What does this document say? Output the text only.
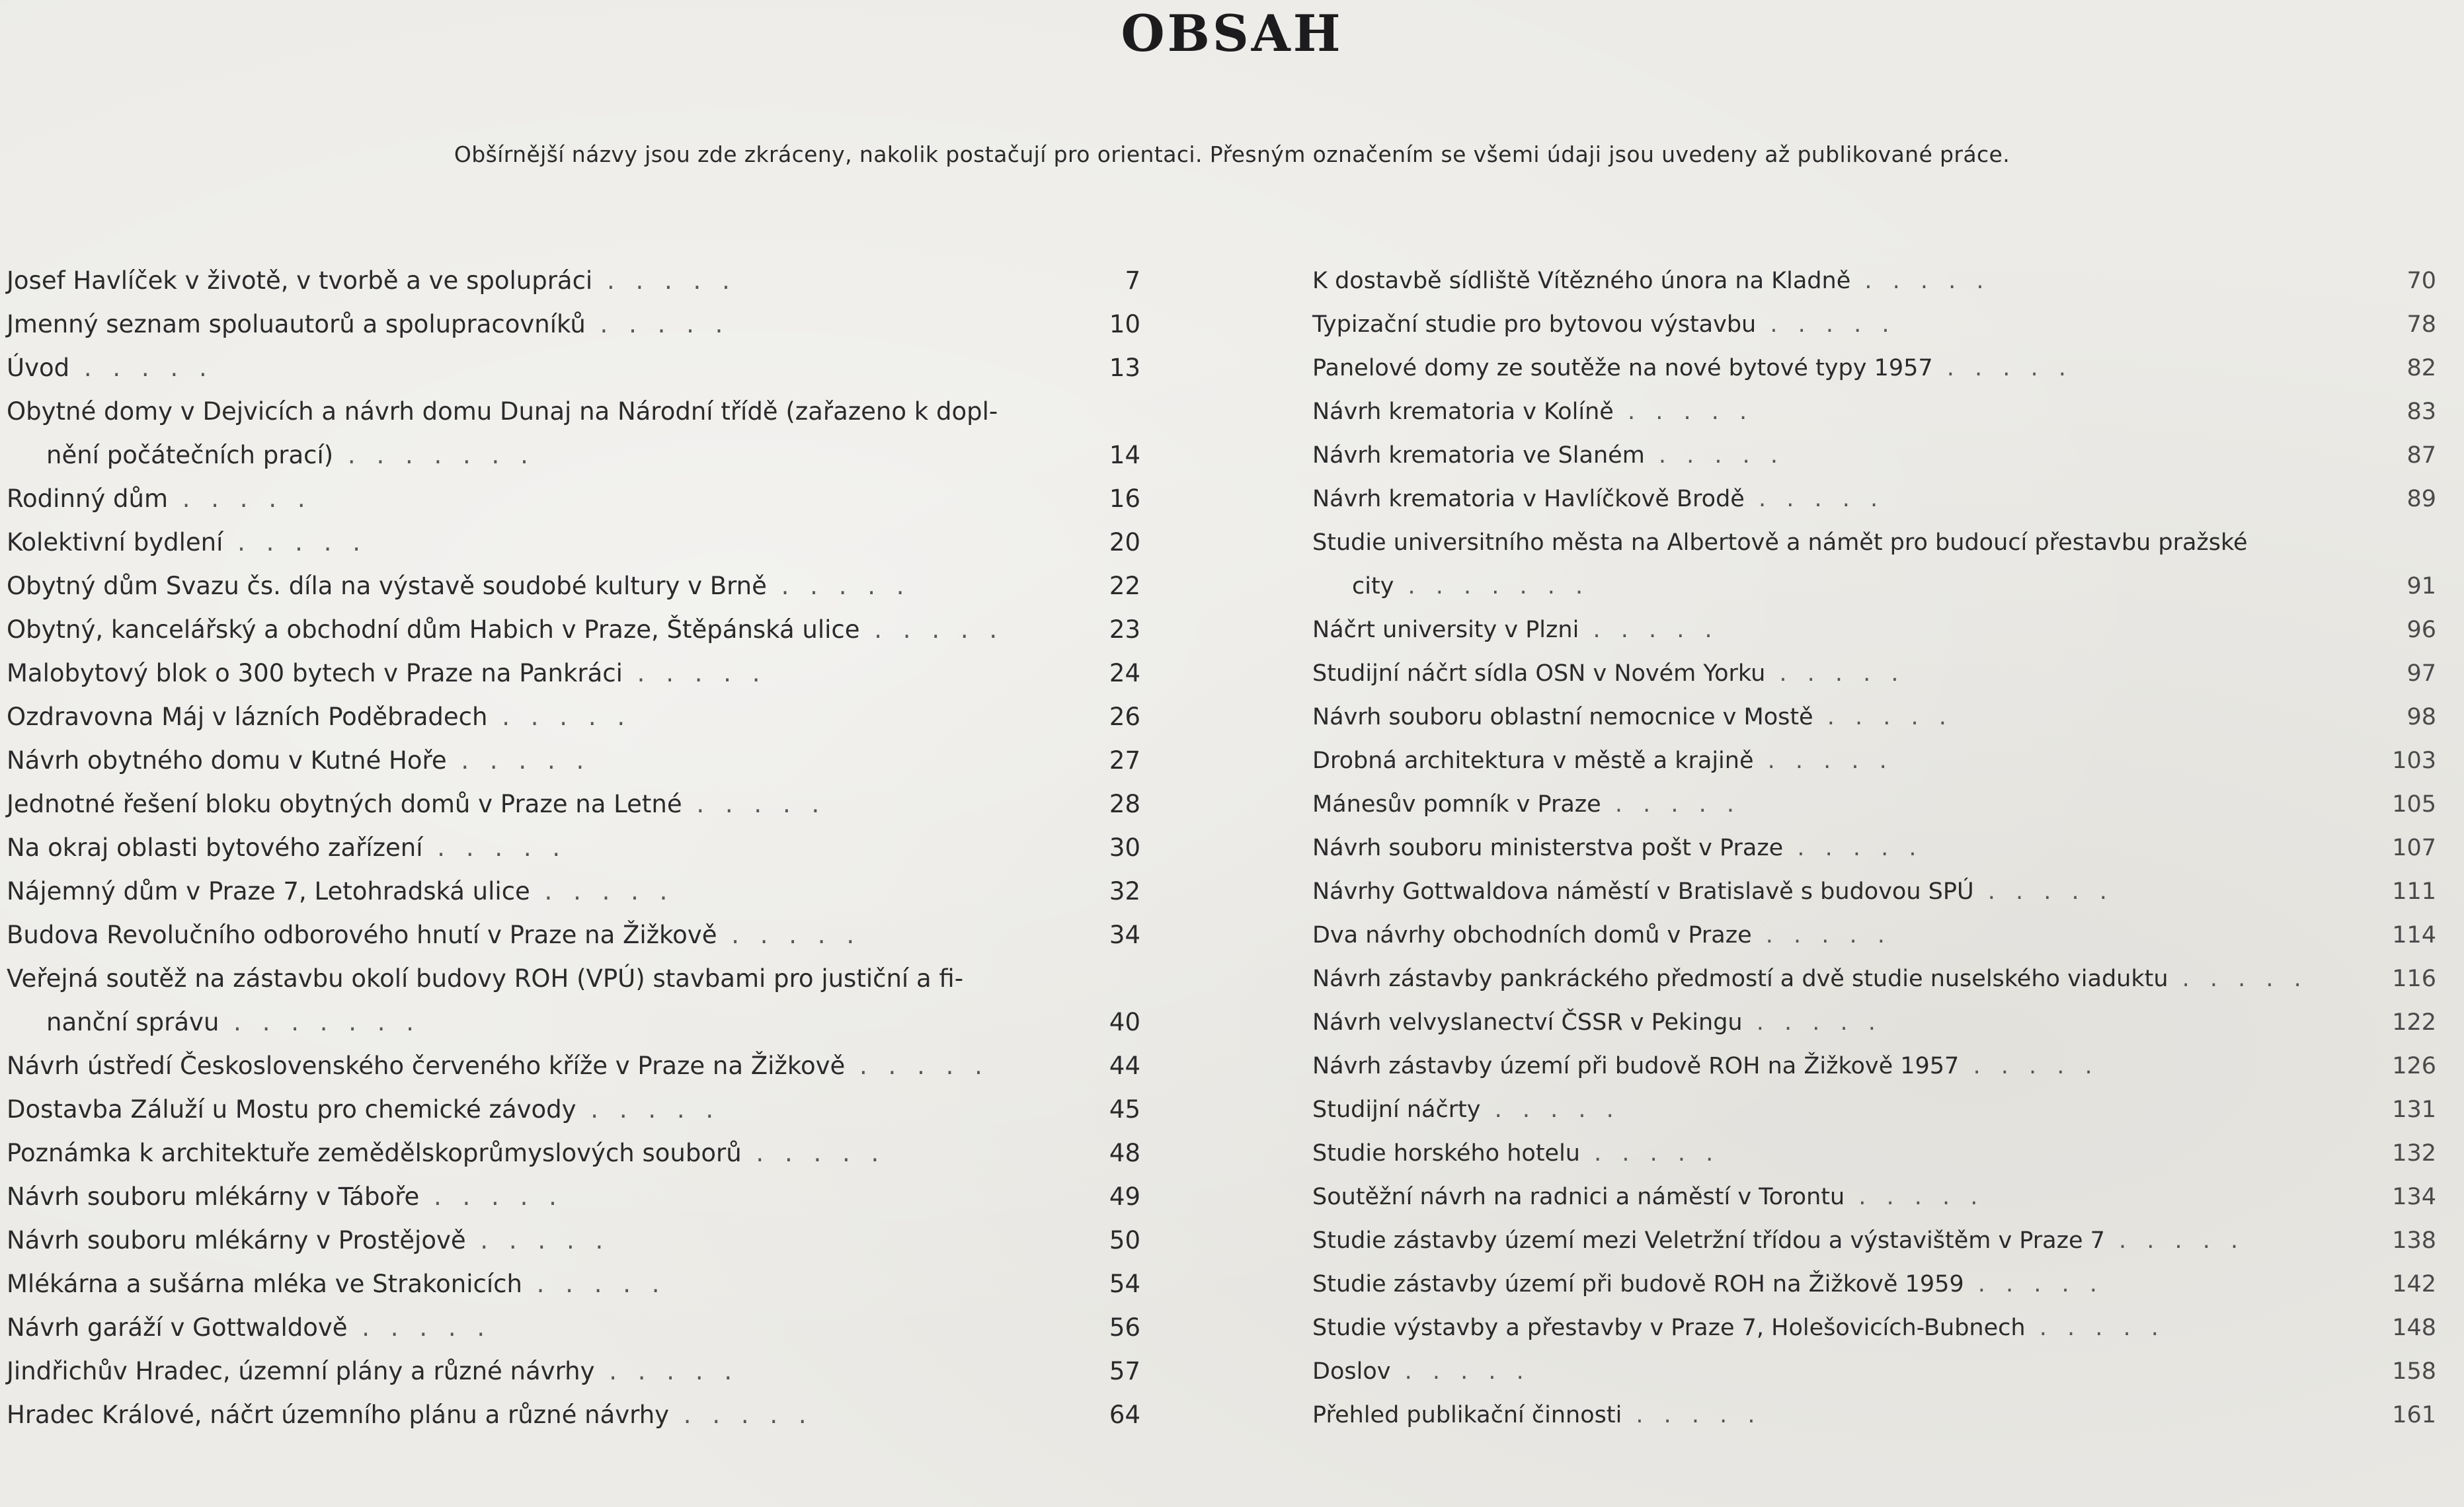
OBSAH
Obšírnější názvy jsou zde zkráceny, nakolik postačují pro orientaci. Přesným označením se všemi údaji jsou uvedeny až publikované práce.
Josef Havlíček v životě, v tvorbě a ve spolupráci . . . . .	7
Jmenný seznam spoluautorů a spolupracovníků . . . . .	10
Úvod . . . . .	13
Obytné domy v Dejvicích a návrh domu Dunaj na Národní třídě (zařazeno k dopl-
nění počátečních prací) . . . . . . .	14
Rodinný dům . . . . .	16
Kolektivní bydlení . . . . .	20
Obytný dům Svazu čs. díla na výstavě soudobé kultury v Brně . . . . .	22
Obytný, kancelářský a obchodní dům Habich v Praze, Štěpánská ulice . . . . .	23
Malobytový blok o 300 bytech v Praze na Pankráci . . . . .	24
Ozdravovna Máj v lázních Poděbradech . . . . .	26
Návrh obytného domu v Kutné Hoře . . . . .	27
Jednotné řešení bloku obytných domů v Praze na Letné . . . . .	28
Na okraj oblasti bytového zařízení . . . . .	30
Nájemný dům v Praze 7, Letohradská ulice . . . . .	32
Budova Revolučního odborového hnutí v Praze na Žižkově . . . . .	34
Veřejná soutěž na zástavbu okolí budovy ROH (VPÚ) stavbami pro justiční a fi-
nanční správu . . . . . . .	40
Návrh ústředí Československého červeného kříže v Praze na Žižkově . . . . .	44
Dostavba Záluží u Mostu pro chemické závody . . . . .	45
Poznámka k architektuře zemědělskoprůmyslových souborů . . . . .	48
Návrh souboru mlékárny v Táboře . . . . .	49
Návrh souboru mlékárny v Prostějově . . . . .	50
Mlékárna a sušárna mléka ve Strakonicích . . . . .	54
Návrh garáží v Gottwaldově . . . . .	56
Jindřichův Hradec, územní plány a různé návrhy . . . . .	57
Hradec Králové, náčrt územního plánu a různé návrhy . . . . .	64
K dostavbě sídliště Vítězného února na Kladně . . . . .	70
Typizační studie pro bytovou výstavbu . . . . .	78
Panelové domy ze soutěže na nové bytové typy 1957 . . . . .	82
Návrh krematoria v Kolíně . . . . .	83
Návrh krematoria ve Slaném . . . . .	87
Návrh krematoria v Havlíčkově Brodě . . . . .	89
Studie universitního města na Albertově a námět pro budoucí přestavbu pražské
city . . . . . . .	91
Náčrt university v Plzni . . . . .	96
Studijní náčrt sídla OSN v Novém Yorku . . . . .	97
Návrh souboru oblastní nemocnice v Mostě . . . . .	98
Drobná architektura v městě a krajině . . . . .	103
Mánesův pomník v Praze . . . . .	105
Návrh souboru ministerstva pošt v Praze . . . . .	107
Návrhy Gottwaldova náměstí v Bratislavě s budovou SPÚ . . . . .	111
Dva návrhy obchodních domů v Praze . . . . .	114
Návrh zástavby pankráckého předmostí a dvě studie nuselského viaduktu . . . . .	116
Návrh velvyslanectví ČSSR v Pekingu . . . . .	122
Návrh zástavby území při budově ROH na Žižkově 1957 . . . . .	126
Studijní náčrty . . . . .	131
Studie horského hotelu . . . . .	132
Soutěžní návrh na radnici a náměstí v Torontu . . . . .	134
Studie zástavby území mezi Veletržní třídou a výstavištěm v Praze 7 . . . . .	138
Studie zástavby území při budově ROH na Žižkově 1959 . . . . .	142
Studie výstavby a přestavby v Praze 7, Holešovicích-Bubnech . . . . .	148
Doslov . . . . .	158
Přehled publikační činnosti . . . . .	161
